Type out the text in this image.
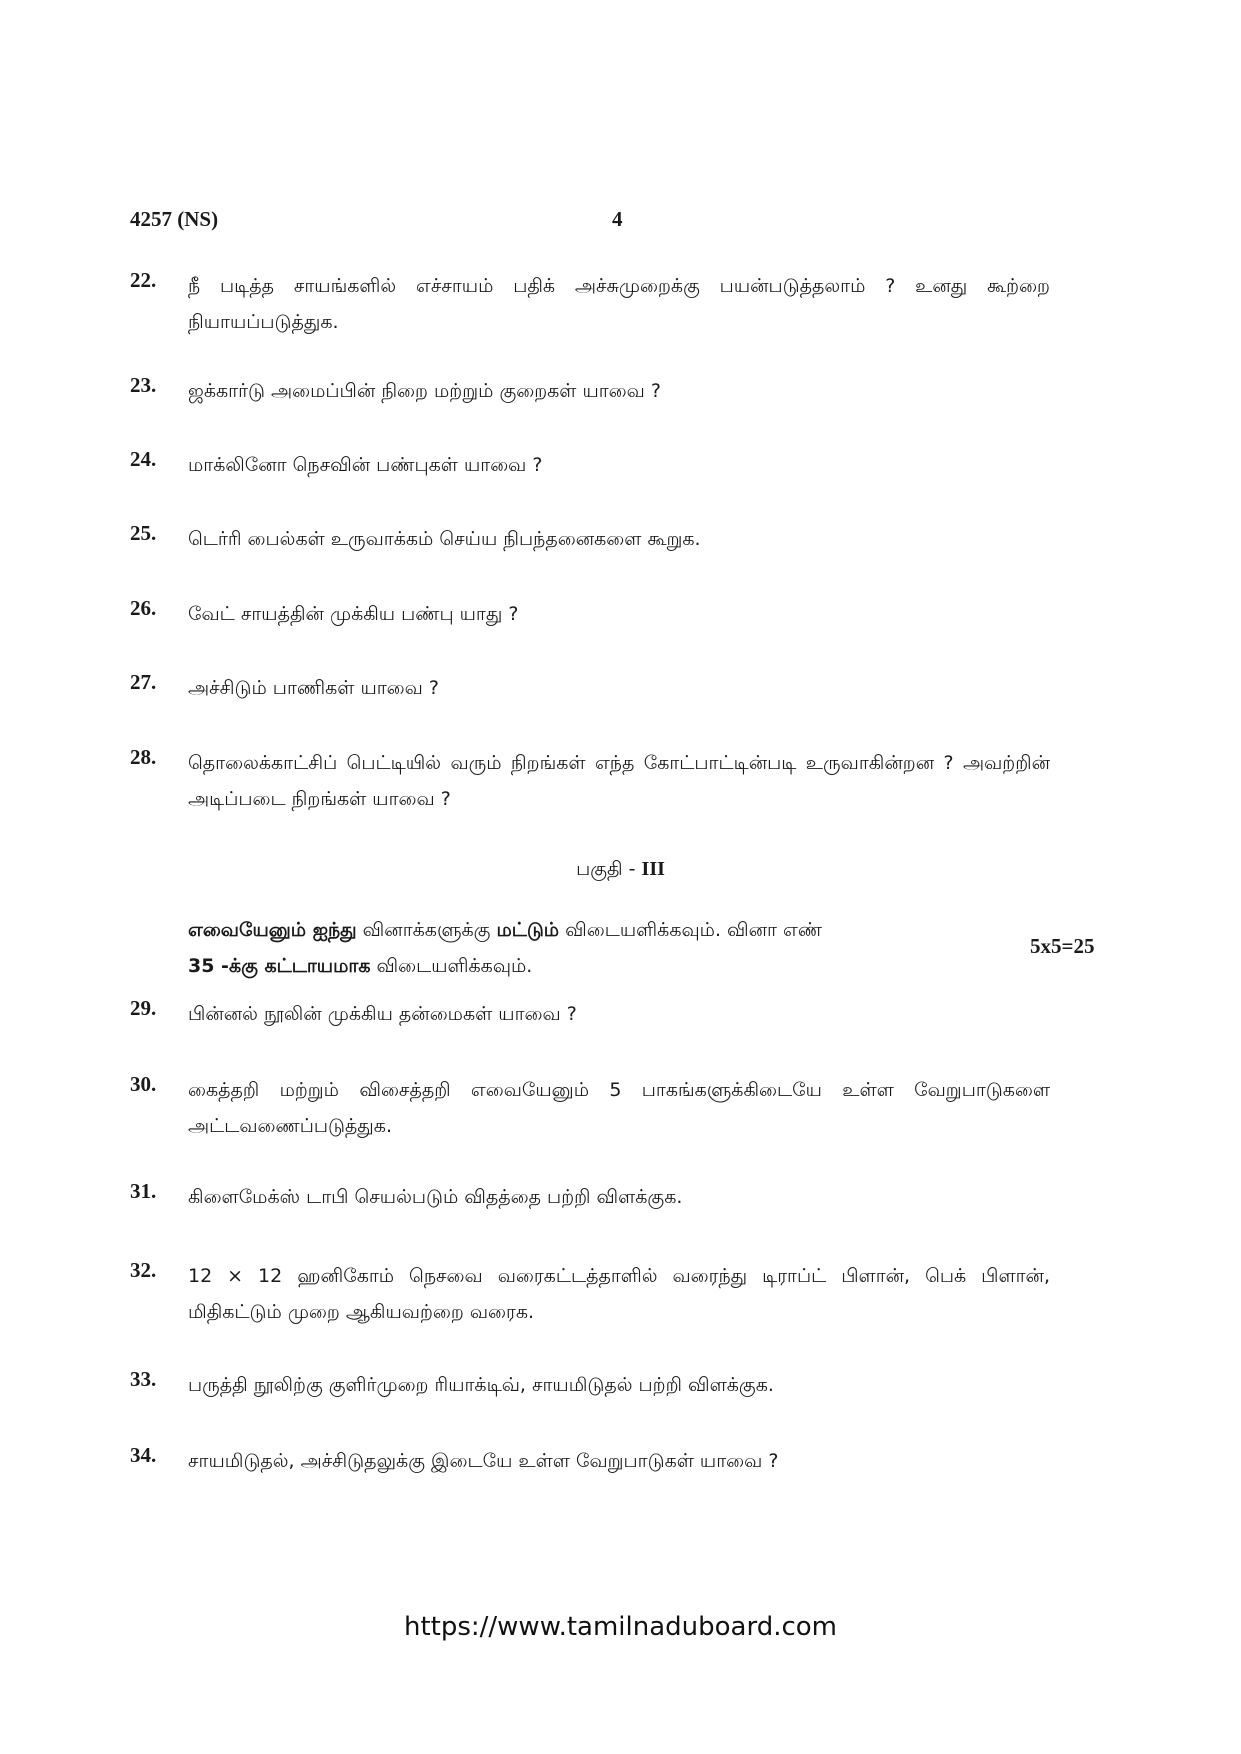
4257 (NS)	4
22. நீ படித்த சாயங்களில் எச்சாயம் பதிக் அச்சுமுறைக்கு பயன்படுத்தலாம் ? உனது கூற்றை நியாயப்படுத்துக.
23. ஜக்கார்டு அமைப்பின் நிறை மற்றும் குறைகள் யாவை ?
24. மாக்லினோ நெசவின் பண்புகள் யாவை ?
25. டெர்ரி பைல்கள் உருவாக்கம் செய்ய நிபந்தனைகளை கூறுக.
26. வேட் சாயத்தின் முக்கிய பண்பு யாது ?
27. அச்சிடும் பாணிகள் யாவை ?
28. தொலைக்காட்சிப் பெட்டியில் வரும் நிறங்கள் எந்த கோட்பாட்டின்படி உருவாகின்றன ? அவற்றின் அடிப்படை நிறங்கள் யாவை ?
பகுதி - III
எவையேனும் ஐந்து வினாக்களுக்கு மட்டும் விடையளிக்கவும். வினா எண்
35 -க்கு கட்டாயமாக விடையளிக்கவும்.
5x5=25
29. பின்னல் நூலின் முக்கிய தன்மைகள் யாவை ?
30. கைத்தறி மற்றும் விசைத்தறி எவையேனும் 5 பாகங்களுக்கிடையே உள்ள வேறுபாடுகளை அட்டவணைப்படுத்துக.
31. கிளைமேக்ஸ் டாபி செயல்படும் விதத்தை பற்றி விளக்குக.
32. 12 × 12 ஹனிகோம் நெசவை வரைகட்டத்தாளில் வரைந்து டிராப்ட் பிளான், பெக் பிளான், மிதிகட்டும் முறை ஆகியவற்றை வரைக.
33. பருத்தி நூலிற்கு குளிர்முறை ரியாக்டிவ், சாயமிடுதல் பற்றி விளக்குக.
34. சாயமிடுதல், அச்சிடுதலுக்கு இடையே உள்ள வேறுபாடுகள் யாவை ?
https://www.tamilnaduboard.com
